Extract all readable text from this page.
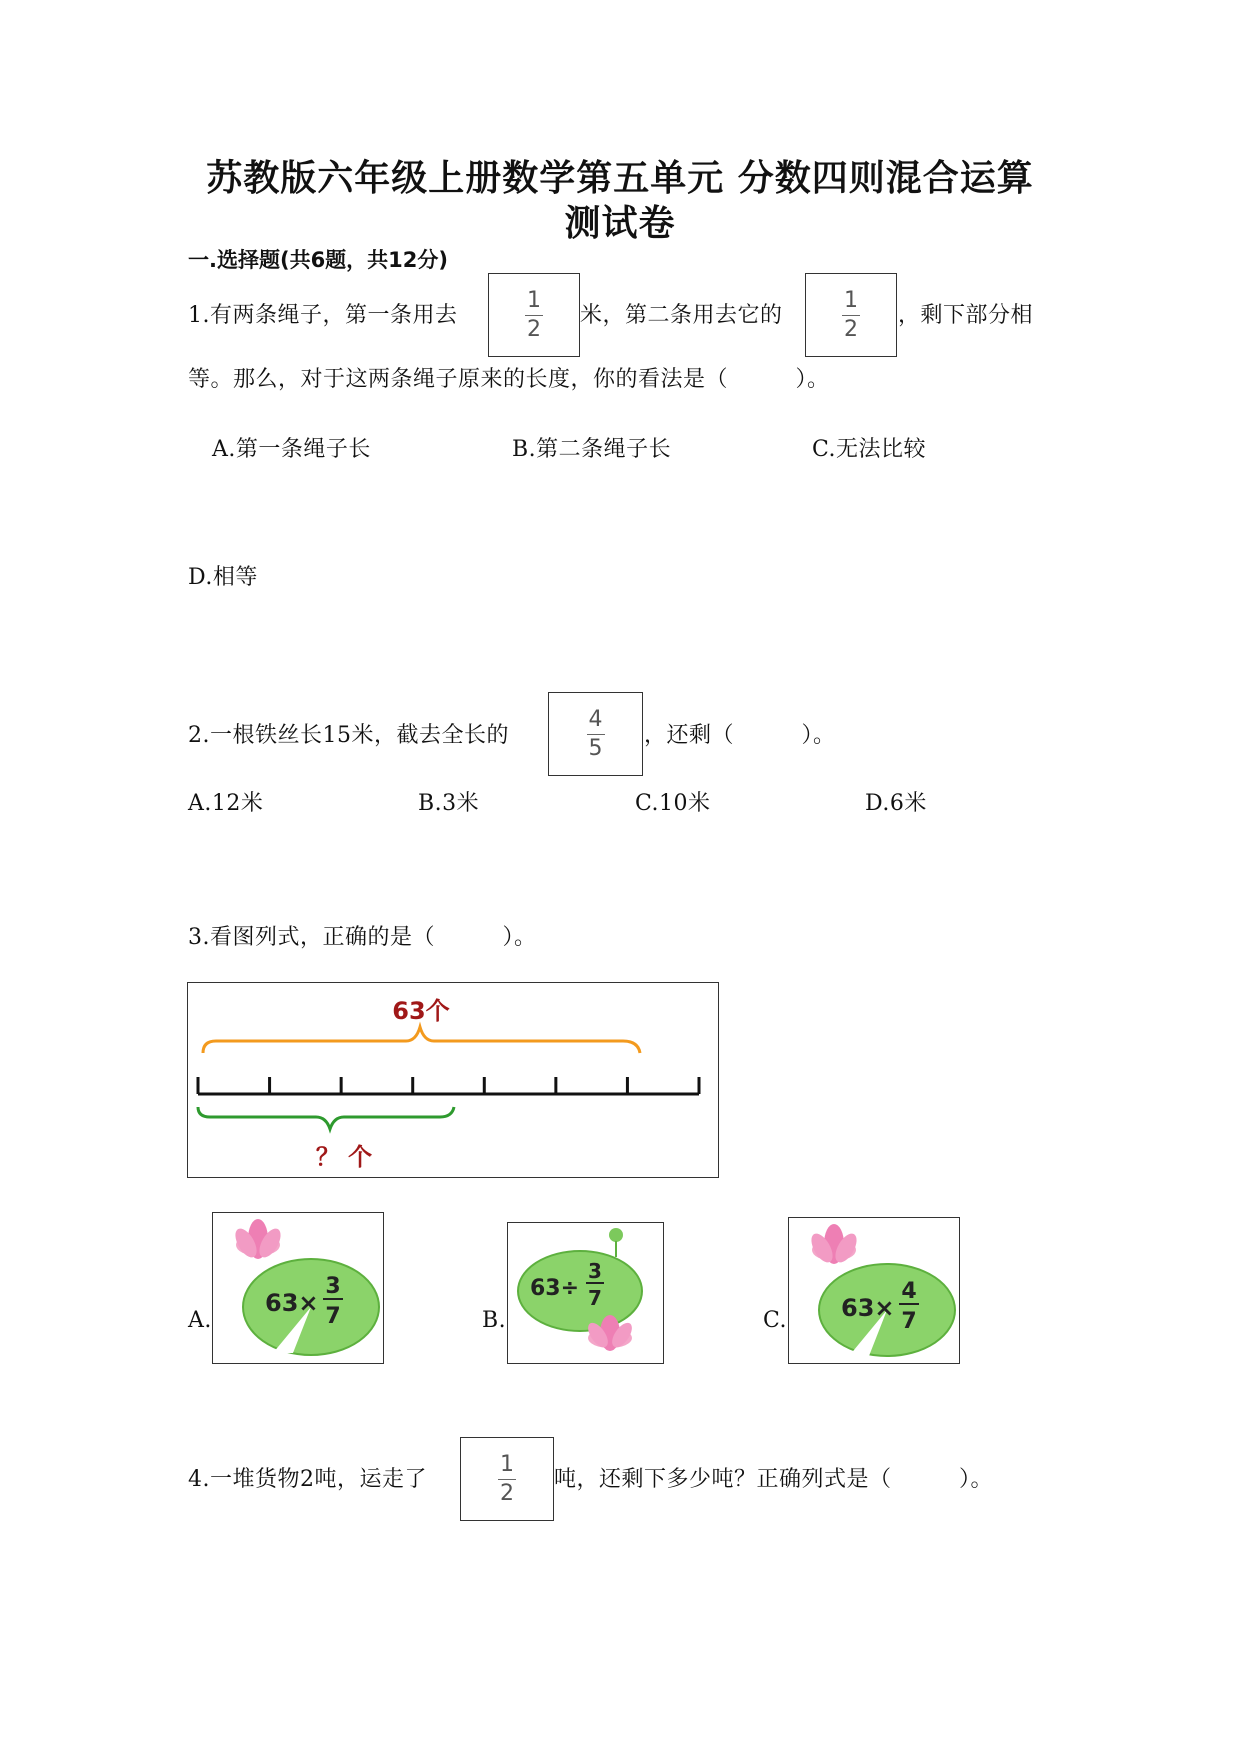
苏教版六年级上册数学第五单元 分数四则混合运算
测试卷
一.选择题(共6题，共12分)
1.有两条绳子，第一条用去	$\frac{1}{2}$ 米，第二条用去它的	$\frac{1}{2}$ ，剩下部分相
等。那么，对于这两条绳子原来的长度，你的看法是（　　　）。
A.第一条绳子长	B.第二条绳子长	C.无法比较
D.相等
2.一根铁丝长15米，截去全长的	$\frac{4}{5}$ ，还剩（　　　）。
A.12米	B.3米	C.10米	D.6米
3.看图列式，正确的是（　　　）。
63个
？ 个
A.
63×
3
7	B.
63÷
3
7
C. 63×
4
7
4.一堆货物2吨，运走了	$\frac{1}{2}$ 吨，还剩下多少吨？正确列式是（　　　）。
